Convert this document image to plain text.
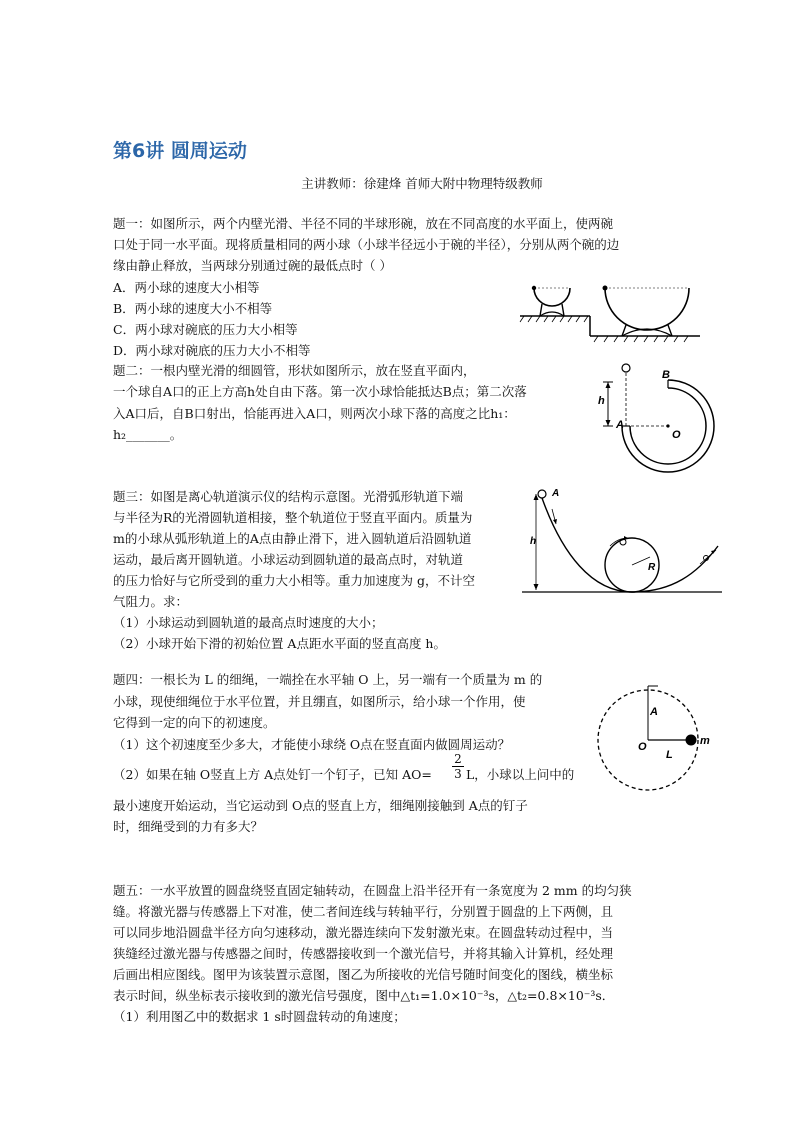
第6讲 圆周运动
主讲教师：徐建烽 首师大附中物理特级教师
题一：如图所示，两个内壁光滑、半径不同的半球形碗，放在不同高度的水平面上，使两碗
口处于同一水平面。现将质量相同的两小球（小球半径远小于碗的半径），分别从两个碗的边
缘由静止释放，当两球分别通过碗的最低点时（ ）
A．两小球的速度大小相等
B．两小球的速度大小不相等
C．两小球对碗底的压力大小相等
D．两小球对碗底的压力大小不相等
题二：一根内壁光滑的细圆管，形状如图所示，放在竖直平面内，
一个球自A口的正上方高h处自由下落。第一次小球恰能抵达B点；第二次落
入A口后，自B口射出，恰能再进入A口，则两次小球下落的高度之比h₁：
h₂_______。
B
h
A
O
题三：如图是离心轨道演示仪的结构示意图。光滑弧形轨道下端
与半径为R的光滑圆轨道相接，整个轨道位于竖直平面内。质量为
m的小球从弧形轨道上的A点由静止滑下，进入圆轨道后沿圆轨道
运动，最后离开圆轨道。小球运动到圆轨道的最高点时，对轨道
的压力恰好与它所受到的重力大小相等。重力加速度为 g，不计空
气阻力。求：
（1）小球运动到圆轨道的最高点时速度的大小；
（2）小球开始下滑的初始位置 A点距水平面的竖直高度 h。
A
h
R
题四：一根长为 L 的细绳，一端拴在水平轴 O 上，另一端有一个质量为 m 的
小球，现使细绳位于水平位置，并且绷直，如图所示，给小球一个作用，使
它得到一定的向下的初速度。
（1）这个初速度至少多大，才能使小球绕 O点在竖直面内做圆周运动？
（2）如果在轴 O竖直上方 A点处钉一个钉子，已知 $AO= \frac{2}{3}$ L，小球以上问中的
最小速度开始运动，当它运动到 O点的竖直上方，细绳刚接触到 A点的钉子
时，细绳受到的力有多大？
A
O
L
m
题五：一水平放置的圆盘绕竖直固定轴转动，在圆盘上沿半径开有一条宽度为 2 mm 的均匀狭
缝。将激光器与传感器上下对准，使二者间连线与转轴平行，分别置于圆盘的上下两侧，且
可以同步地沿圆盘半径方向匀速移动，激光器连续向下发射激光束。在圆盘转动过程中，当
狭缝经过激光器与传感器之间时，传感器接收到一个激光信号，并将其输入计算机，经处理
后画出相应图线。图甲为该装置示意图，图乙为所接收的光信号随时间变化的图线，横坐标
表示时间，纵坐标表示接收到的激光信号强度，图中△t₁=1.0×10⁻³s，△t₂=0.8×10⁻³s．
（1）利用图乙中的数据求 1 s时圆盘转动的角速度；
